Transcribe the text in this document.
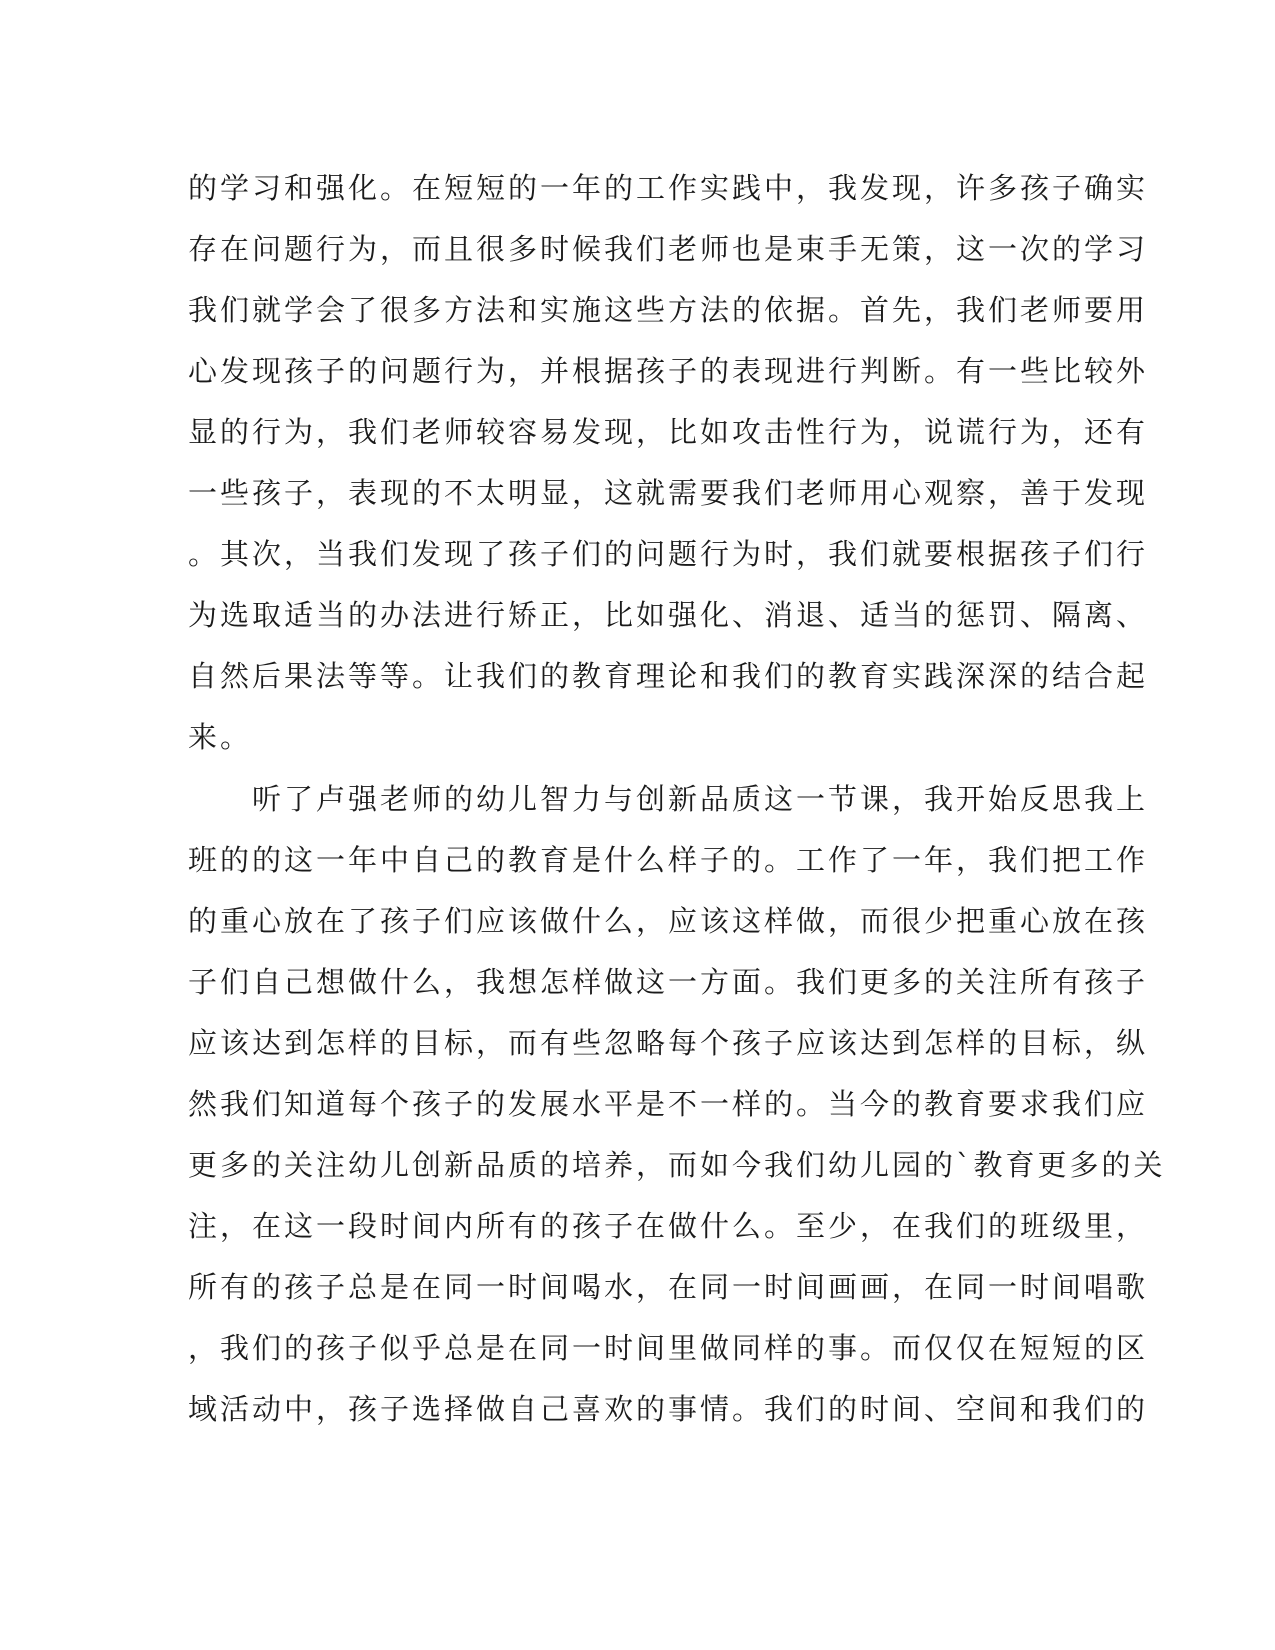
的学习和强化。在短短的一年的工作实践中，我发现，许多孩子确实
存在问题行为，而且很多时候我们老师也是束手无策，这一次的学习
我们就学会了很多方法和实施这些方法的依据。首先，我们老师要用
心发现孩子的问题行为，并根据孩子的表现进行判断。有一些比较外
显的行为，我们老师较容易发现，比如攻击性行为，说谎行为，还有
一些孩子，表现的不太明显，这就需要我们老师用心观察，善于发现
。其次，当我们发现了孩子们的问题行为时，我们就要根据孩子们行
为选取适当的办法进行矫正，比如强化、消退、适当的惩罚、隔离、
自然后果法等等。让我们的教育理论和我们的教育实践深深的结合起
来。
　　听了卢强老师的幼儿智力与创新品质这一节课，我开始反思我上
班的的这一年中自己的教育是什么样子的。工作了一年，我们把工作
的重心放在了孩子们应该做什么，应该这样做，而很少把重心放在孩
子们自己想做什么，我想怎样做这一方面。我们更多的关注所有孩子
应该达到怎样的目标，而有些忽略每个孩子应该达到怎样的目标，纵
然我们知道每个孩子的发展水平是不一样的。当今的教育要求我们应
更多的关注幼儿创新品质的培养，而如今我们幼儿园的`教育更多的关
注，在这一段时间内所有的孩子在做什么。至少，在我们的班级里，
所有的孩子总是在同一时间喝水，在同一时间画画，在同一时间唱歌
，我们的孩子似乎总是在同一时间里做同样的事。而仅仅在短短的区
域活动中，孩子选择做自己喜欢的事情。我们的时间、空间和我们的
